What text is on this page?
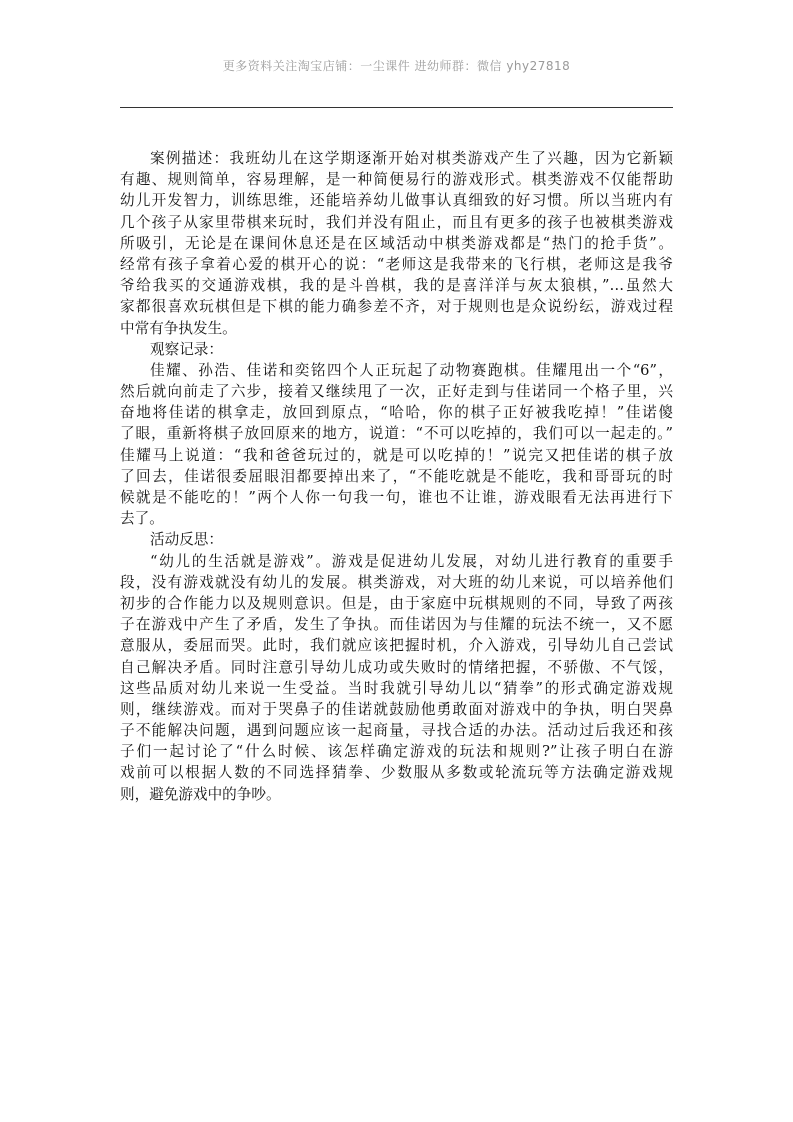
更多资料关注淘宝店铺：一尘课件 进幼师群：微信 yhy27818
案例描述：我班幼儿在这学期逐渐开始对棋类游戏产生了兴趣，因为它新颖
有趣、规则简单，容易理解，是一种简便易行的游戏形式。棋类游戏不仅能帮助
幼儿开发智力，训练思维，还能培养幼儿做事认真细致的好习惯。所以当班内有
几个孩子从家里带棋来玩时，我们并没有阻止，而且有更多的孩子也被棋类游戏
所吸引，无论是在课间休息还是在区域活动中棋类游戏都是“热门的抢手货”。
经常有孩子拿着心爱的棋开心的说：“老师这是我带来的飞行棋，老师这是我爷
爷给我买的交通游戏棋，我的是斗兽棋，我的是喜洋洋与灰太狼棋，”…虽然大
家都很喜欢玩棋但是下棋的能力确参差不齐，对于规则也是众说纷纭，游戏过程
中常有争执发生。
观察记录：
佳耀、孙浩、佳诺和奕铭四个人正玩起了动物赛跑棋。佳耀甩出一个“6”，
然后就向前走了六步，接着又继续甩了一次，正好走到与佳诺同一个格子里，兴
奋地将佳诺的棋拿走，放回到原点，“哈哈，你的棋子正好被我吃掉！”佳诺傻
了眼，重新将棋子放回原来的地方，说道：“不可以吃掉的，我们可以一起走的。”
佳耀马上说道：“我和爸爸玩过的，就是可以吃掉的！”说完又把佳诺的棋子放
了回去，佳诺很委屈眼泪都要掉出来了，“不能吃就是不能吃，我和哥哥玩的时
候就是不能吃的！”两个人你一句我一句，谁也不让谁，游戏眼看无法再进行下
去了。
活动反思：
“幼儿的生活就是游戏”。游戏是促进幼儿发展，对幼儿进行教育的重要手
段，没有游戏就没有幼儿的发展。棋类游戏，对大班的幼儿来说，可以培养他们
初步的合作能力以及规则意识。但是，由于家庭中玩棋规则的不同，导致了两孩
子在游戏中产生了矛盾，发生了争执。而佳诺因为与佳耀的玩法不统一，又不愿
意服从，委屈而哭。此时，我们就应该把握时机，介入游戏，引导幼儿自己尝试
自己解决矛盾。同时注意引导幼儿成功或失败时的情绪把握，不骄傲、不气馁，
这些品质对幼儿来说一生受益。当时我就引导幼儿以“猜拳”的形式确定游戏规
则，继续游戏。而对于哭鼻子的佳诺就鼓励他勇敢面对游戏中的争执，明白哭鼻
子不能解决问题，遇到问题应该一起商量，寻找合适的办法。活动过后我还和孩
子们一起讨论了“什么时候、该怎样确定游戏的玩法和规则?”让孩子明白在游
戏前可以根据人数的不同选择猜拳、少数服从多数或轮流玩等方法确定游戏规
则，避免游戏中的争吵。
